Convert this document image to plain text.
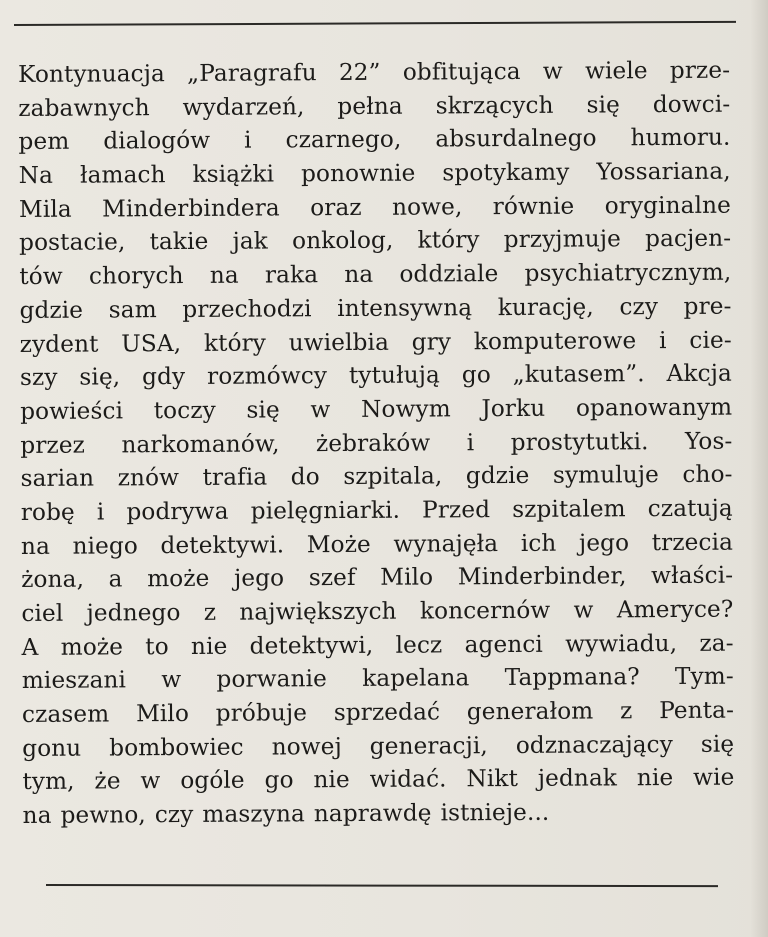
Kontynuacja „Paragrafu 22” obfitująca w wiele prze-
zabawnych wydarzeń, pełna skrzących się dowci-
pem dialogów i czarnego, absurdalnego humoru.
Na łamach książki ponownie spotykamy Yossariana,
Mila Minderbindera oraz nowe, równie oryginalne
postacie, takie jak onkolog, który przyjmuje pacjen-
tów chorych na raka na oddziale psychiatrycznym,
gdzie sam przechodzi intensywną kurację, czy pre-
zydent USA, który uwielbia gry komputerowe i cie-
szy się, gdy rozmówcy tytułują go „kutasem”. Akcja
powieści toczy się w Nowym Jorku opanowanym
przez narkomanów, żebraków i prostytutki. Yos-
sarian znów trafia do szpitala, gdzie symuluje cho-
robę i podrywa pielęgniarki. Przed szpitalem czatują
na niego detektywi. Może wynajęła ich jego trzecia
żona, a może jego szef Milo Minderbinder, właści-
ciel jednego z największych koncernów w Ameryce?
A może to nie detektywi, lecz agenci wywiadu, za-
mieszani w porwanie kapelana Tappmana? Tym-
czasem Milo próbuje sprzedać generałom z Penta-
gonu bombowiec nowej generacji, odznaczający się
tym, że w ogóle go nie widać. Nikt jednak nie wie
na pewno, czy maszyna naprawdę istnieje...
